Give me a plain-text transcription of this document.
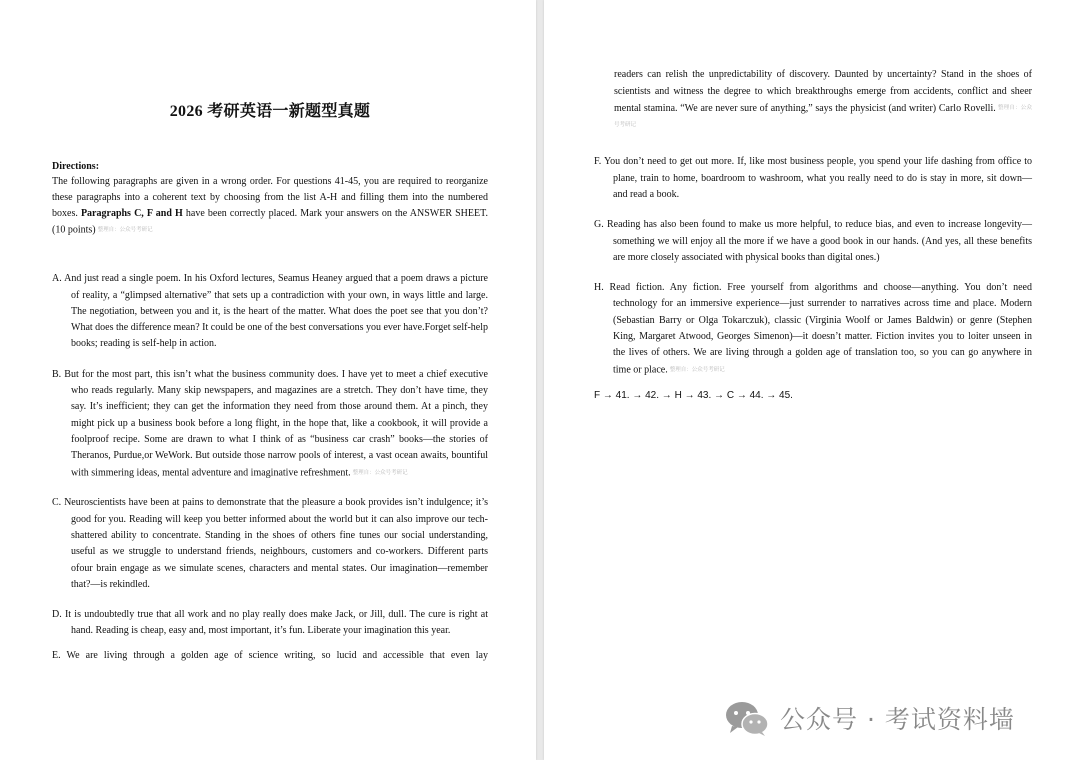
2026 考研英语一新题型真题

Directions:

The following paragraphs are given in a wrong order. For questions 41-45, you are required to reorganize these paragraphs into a coherent text by choosing from the list A-H and filling them into the numbered boxes. Paragraphs C, F and H have been correctly placed. Mark your answers on the ANSWER SHEET. (10 points) 整理自：公众号考研记

A. And just read a single poem. In his Oxford lectures, Seamus Heaney argued that a poem draws a picture of reality, a “glimpsed alternative” that sets up a contradiction with your own, in ways little and large. The negotiation, between you and it, is the heart of the matter. What does the poet see that you don’t? What does the difference mean? It could be one of the best conversations you ever have.Forget self-help books; reading is self-help in action.

B. But for the most part, this isn’t what the business community does. I have yet to meet a chief executive who reads regularly. Many skip newspapers, and magazines are a stretch. They don’t have time, they say. It’s inefficient; they can get the information they need from those around them. At a pinch, they might pick up a business book before a long flight, in the hope that, like a cookbook, it will provide a foolproof recipe. Some are drawn to what I think of as “business car crash” books—the stories of Theranos, Purdue,or WeWork. But outside those narrow pools of interest, a vast ocean awaits, bountiful with simmering ideas, mental adventure and imaginative refreshment. 整理自：公众号考研记

C. Neuroscientists have been at pains to demonstrate that the pleasure a book provides isn’t indulgence; it’s good for you. Reading will keep you better informed about the world but it can also improve our tech-shattered ability to concentrate. Standing in the shoes of others fine tunes our social understanding, useful as we struggle to understand friends, neighbours, customers and co-workers. Different parts ofour brain engage as we simulate scenes, characters and mental states. Our imagination—remember that?—is rekindled.

D. It is undoubtedly true that all work and no play really does make Jack, or Jill, dull. The cure is right at hand. Reading is cheap, easy and, most important, it’s fun. Liberate your imagination this year.

E. We are living through a golden age of science writing, so lucid and accessible that even lay

readers can relish the unpredictability of discovery. Daunted by uncertainty? Stand in the shoes of scientists and witness the degree to which breakthroughs emerge from accidents, conflict and sheer mental stamina. “We are never sure of anything,” says the physicist (and writer) Carlo Rovelli. 整理自：公众号考研记

F. You don’t need to get out more. If, like most business people, you spend your life dashing from office to plane, train to home, boardroom to washroom, what you really need to do is stay in more, sit down—and read a book.

G. Reading has also been found to make us more helpful, to reduce bias, and even to increase longevity—something we will enjoy all the more if we have a good book in our hands. (And yes, all these benefits are more closely associated with physical books than digital ones.)

H. Read fiction. Any fiction. Free yourself from algorithms and choose—anything. You don’t need technology for an immersive experience—just surrender to narratives across time and place. Modern (Sebastian Barry or Olga Tokarczuk), classic (Virginia Woolf or James Baldwin) or genre (Stephen King, Margaret Atwood, Georges Simenon)—it doesn’t matter. Fiction invites you to loiter unseen in the lives of others. We are living through a golden age of translation too, so you can go anywhere in time or place. 整理自：公众号考研记

F → 41. → 42. → H → 43. → C → 44. → 45.

公众号 · 考试资料墙
